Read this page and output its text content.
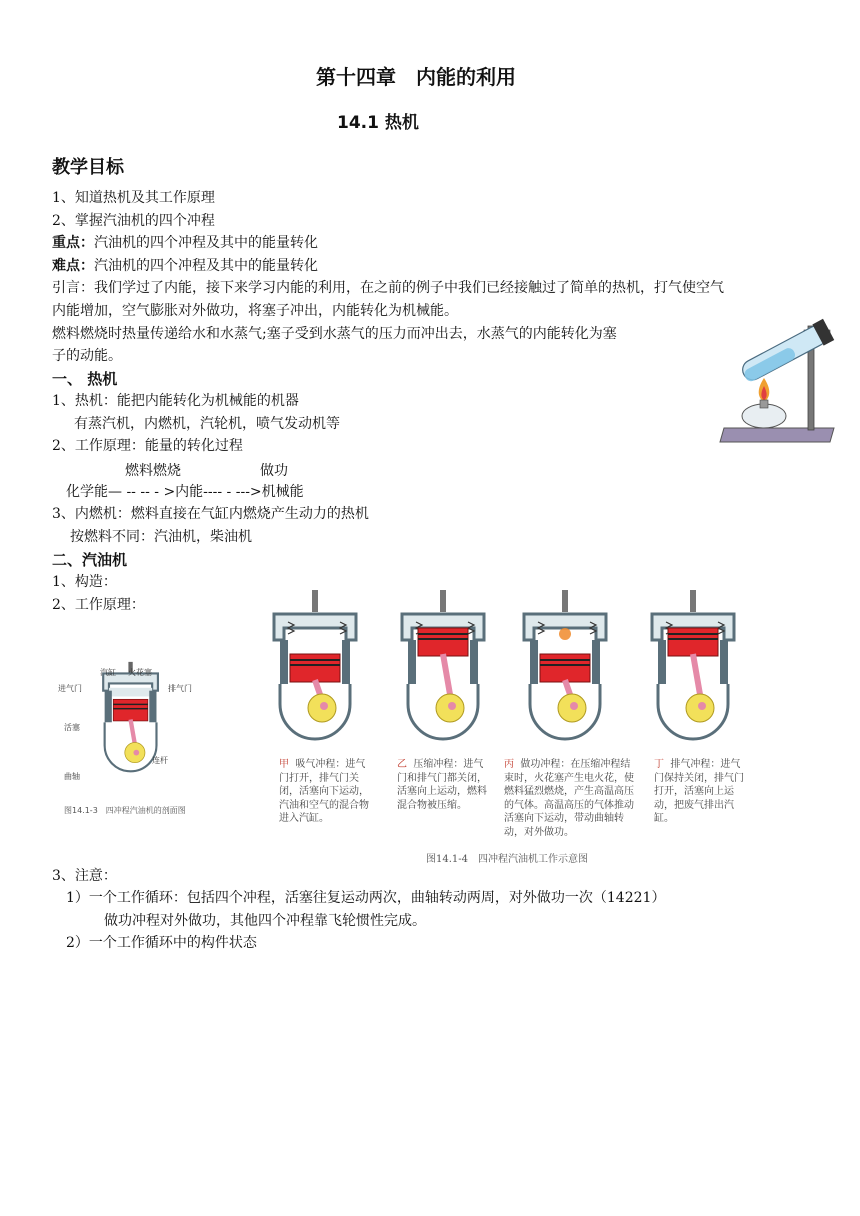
第十四章　内能的利用
14.1 热机
教学目标
1、知道热机及其工作原理
2、掌握汽油机的四个冲程
重点：汽油机的四个冲程及其中的能量转化
难点：汽油机的四个冲程及其中的能量转化
引言：我们学过了内能，接下来学习内能的利用，在之前的例子中我们已经接触过了简单的热机，打气使空气
内能增加，空气膨胀对外做功，将塞子冲出，内能转化为机械能。
燃料燃烧时热量传递给水和水蒸气;塞子受到水蒸气的压力而冲出去，水蒸气的内能转化为塞
子的动能。
一、 热机
1、热机：能把内能转化为机械能的机器
有蒸汽机，内燃机，汽轮机，喷气发动机等
2、工作原理：能量的转化过程
燃料燃烧	做功
化学能— -- -- - >内能---- - --->机械能
3、内燃机：燃料直接在气缸内燃烧产生动力的热机
按燃料不同：汽油机，柴油机
二、汽油机
1、构造：
2、工作原理：
汽缸 火花塞
进气门	排气门
活塞
连杆
曲轴
图14.1-3　四冲程汽油机的剖面图
甲 吸气冲程：进气门打开，排气门关闭，活塞向下运动，汽油和空气的混合物进入汽缸。
乙 压缩冲程：进气门和排气门都关闭，活塞向上运动，燃料混合物被压缩。
丙 做功冲程：在压缩冲程结束时，火花塞产生电火花，使燃料猛烈燃烧，产生高温高压的气体。高温高压的气体推动活塞向下运动，带动曲轴转动，对外做功。
丁 排气冲程：进气门保持关闭，排气门打开，活塞向上运动，把废气排出汽缸。
图14.1-4　四冲程汽油机工作示意图
3、注意：
1）一个工作循环：包括四个冲程，活塞往复运动两次，曲轴转动两周，对外做功一次（14221）
做功冲程对外做功，其他四个冲程靠飞轮惯性完成。
2）一个工作循环中的构件状态
